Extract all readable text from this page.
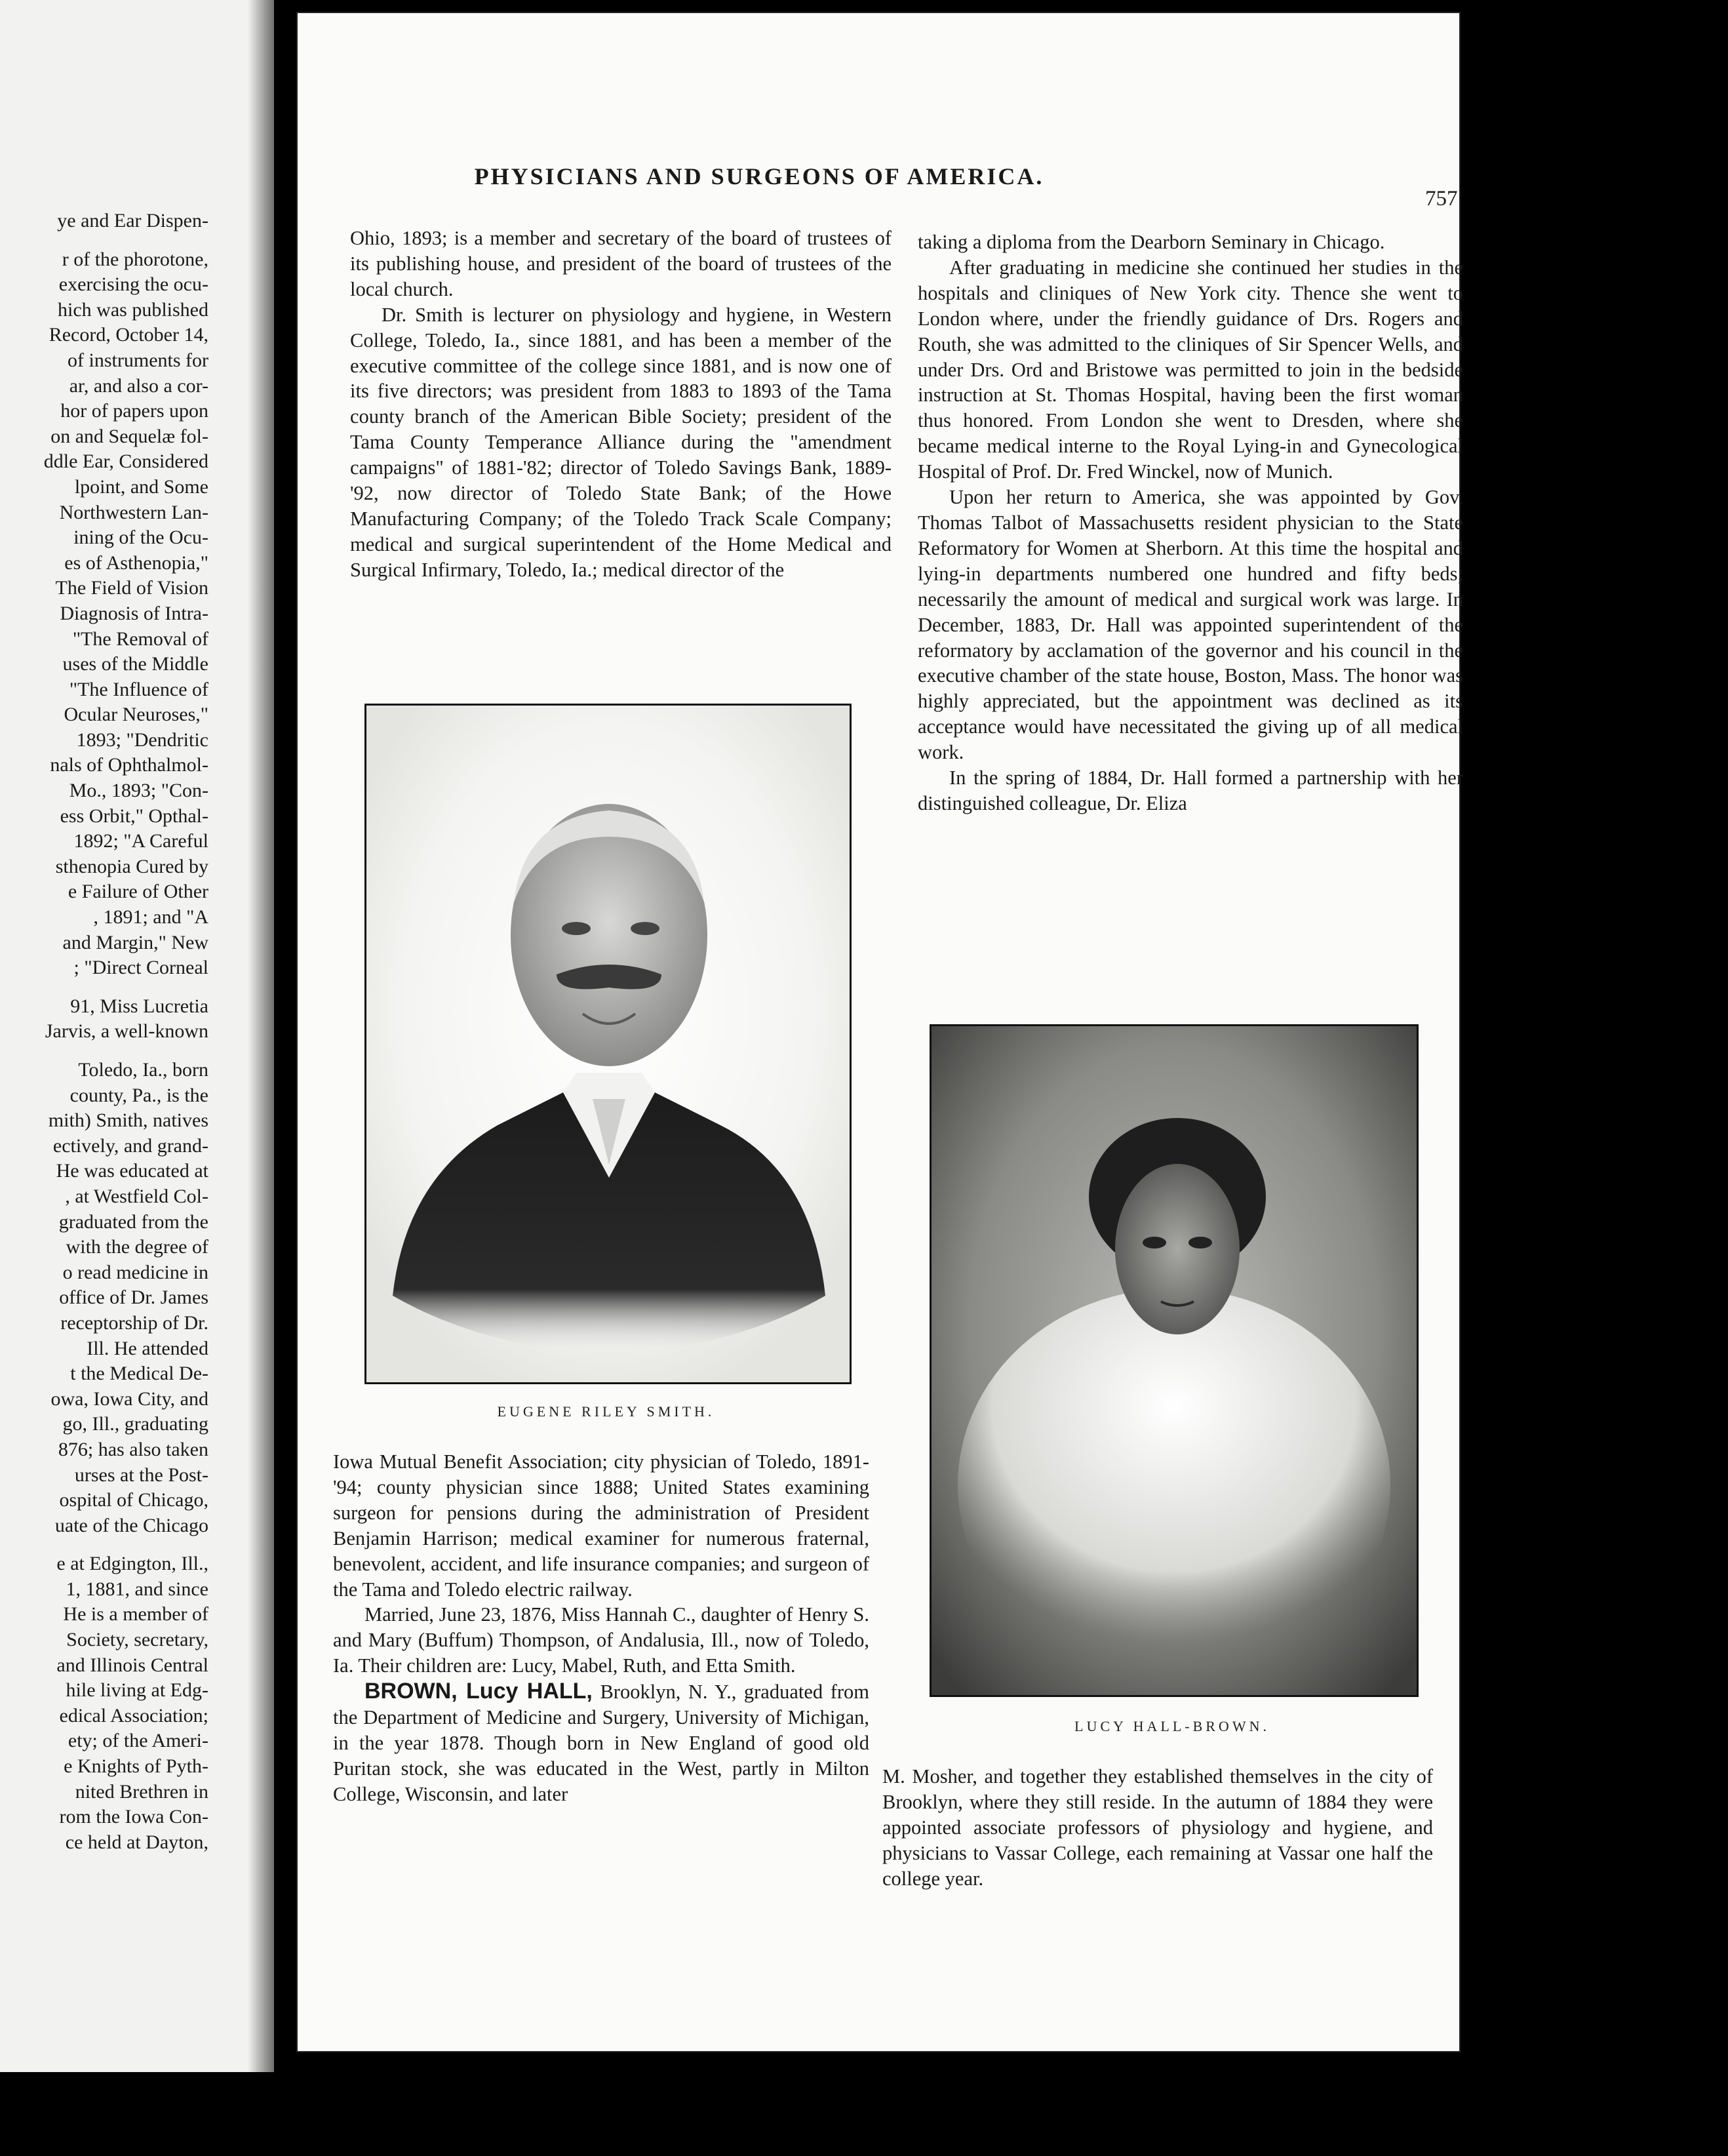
ye and Ear Dispen-
r of the phorotone,
exercising the ocu-
hich was published
Record, October 14,
of instruments for
ar, and also a cor-
hor of papers upon
on and Sequelæ fol-
ddle Ear, Considered
lpoint, and Some
Northwestern Lan-
ining of the Ocu-
es of Asthenopia,"
The Field of Vision
Diagnosis of Intra-
"The Removal of
uses of the Middle
"The Influence of
Ocular Neuroses,"
1893; "Dendritic
nals of Ophthalmol-
Mo., 1893; "Con-
ess Orbit," Opthal-
1892; "A Careful
sthenopia Cured by
e Failure of Other
, 1891; and "A
and Margin," New
; "Direct Corneal
91, Miss Lucretia
Jarvis, a well-known
Toledo, Ia., born
county, Pa., is the
mith) Smith, natives
ectively, and grand-
He was educated at
, at Westfield Col-
graduated from the
with the degree of
o read medicine in
office of Dr. James
receptorship of Dr.
Ill. He attended
t the Medical De-
owa, Iowa City, and
go, Ill., graduating
876; has also taken
urses at the Post-
ospital of Chicago,
uate of the Chicago
e at Edgington, Ill.,
1, 1881, and since
He is a member of
Society, secretary,
and Illinois Central
hile living at Edg-
edical Association;
ety; of the Ameri-
e Knights of Pyth-
nited Brethren in
rom the Iowa Con-
ce held at Dayton,
PHYSICIANS AND SURGEONS OF AMERICA.
757

Ohio, 1893; is a member and secretary of the board of trustees of its publishing house, and president of the board of trustees of the local church.

Dr. Smith is lecturer on physiology and hygiene, in Western College, Toledo, Ia., since 1881, and has been a member of the executive committee of the college since 1881, and is now one of its five directors; was president from 1883 to 1893 of the Tama county branch of the American Bible Society; president of the Tama County Temperance Alliance during the "amendment campaigns" of 1881-'82; director of Toledo Savings Bank, 1889-'92, now director of Toledo State Bank; of the Howe Manufacturing Company; of the Toledo Track Scale Company; medical and surgical superintendent of the Home Medical and Surgical Infirmary, Toledo, Ia.; medical director of the

EUGENE RILEY SMITH.

Iowa Mutual Benefit Association; city physician of Toledo, 1891-'94; county physician since 1888; United States examining surgeon for pensions during the administration of President Benjamin Harrison; medical examiner for numerous fraternal, benevolent, accident, and life insurance companies; and surgeon of the Tama and Toledo electric railway.

Married, June 23, 1876, Miss Hannah C., daughter of Henry S. and Mary (Buffum) Thompson, of Andalusia, Ill., now of Toledo, Ia. Their children are: Lucy, Mabel, Ruth, and Etta Smith.

BROWN, Lucy HALL, Brooklyn, N. Y., graduated from the Department of Medicine and Surgery, University of Michigan, in the year 1878. Though born in New England of good old Puritan stock, she was educated in the West, partly in Milton College, Wisconsin, and later

taking a diploma from the Dearborn Seminary in Chicago.

After graduating in medicine she continued her studies in the hospitals and cliniques of New York city. Thence she went to London where, under the friendly guidance of Drs. Rogers and Routh, she was admitted to the cliniques of Sir Spencer Wells, and under Drs. Ord and Bristowe was permitted to join in the bedside instruction at St. Thomas Hospital, having been the first woman thus honored. From London she went to Dresden, where she became medical interne to the Royal Lying-in and Gynecological Hospital of Prof. Dr. Fred Winckel, now of Munich.

Upon her return to America, she was appointed by Gov. Thomas Talbot of Massachusetts resident physician to the State Reformatory for Women at Sherborn. At this time the hospital and lying-in departments numbered one hundred and fifty beds; necessarily the amount of medical and surgical work was large. In December, 1883, Dr. Hall was appointed superintendent of the reformatory by acclamation of the governor and his council in the executive chamber of the state house, Boston, Mass. The honor was highly appreciated, but the appointment was declined as its acceptance would have necessitated the giving up of all medical work.

In the spring of 1884, Dr. Hall formed a partnership with her distinguished colleague, Dr. Eliza

LUCY HALL-BROWN.

M. Mosher, and together they established themselves in the city of Brooklyn, where they still reside. In the autumn of 1884 they were appointed associate professors of physiology and hygiene, and physicians to Vassar College, each remaining at Vassar one half the college year.
